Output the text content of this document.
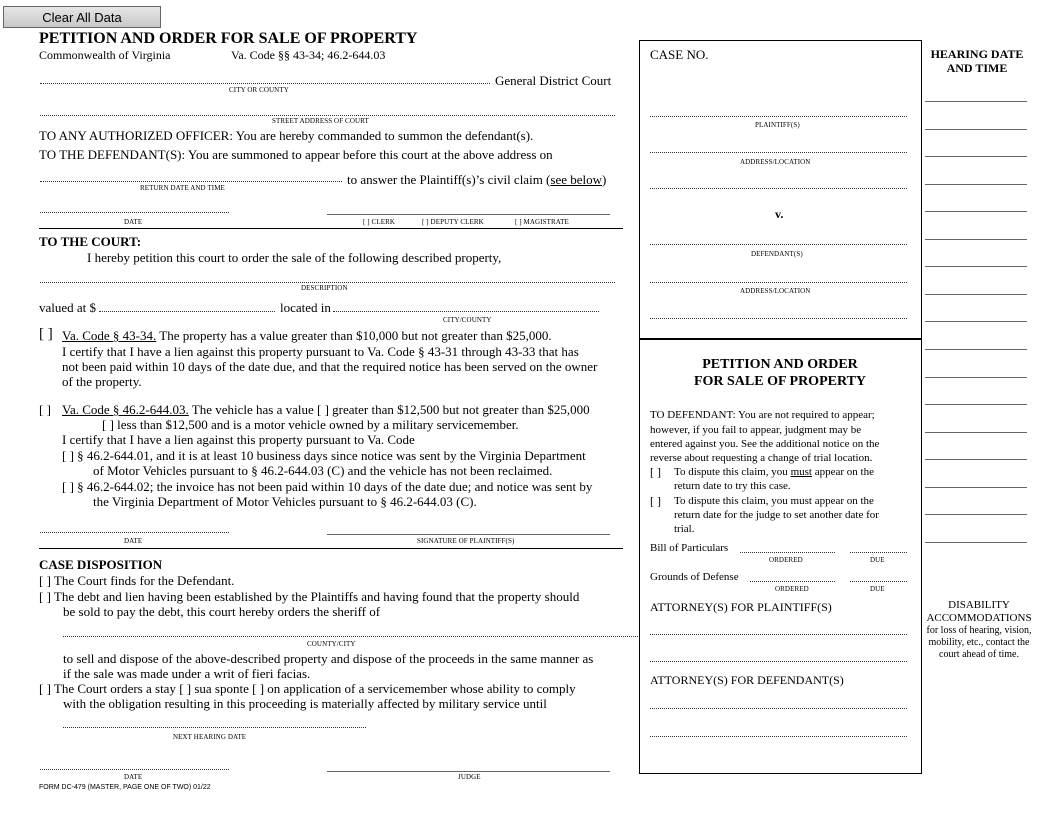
Clear All Data
PETITION AND ORDER FOR SALE OF PROPERTY
Commonwealth of Virginia	Va. Code §§ 43-34; 46.2-644.03
General District Court
CITY OR COUNTY
STREET ADDRESS OF COURT
TO ANY AUTHORIZED OFFICER: You are hereby commanded to summon the defendant(s).
TO THE DEFENDANT(S): You are summoned to appear before this court at the above address on
to answer the Plaintiff(s)’s civil claim (see below)
RETURN DATE AND TIME
DATE	[ ] CLERK	[ ] DEPUTY CLERK	[ ] MAGISTRATE
TO THE COURT:
I hereby petition this court to order the sale of the following described property,
DESCRIPTION
valued at $	located in
CITY/COUNTY
[ ] Va. Code § 43-34. The property has a value greater than $10,000 but not greater than $25,000.
I certify that I have a lien against this property pursuant to Va. Code § 43-31 through 43-33 that has
not been paid within 10 days of the date due, and that the required notice has been served on the owner
of the property.
[ ] Va. Code § 46.2-644.03. The vehicle has a value [ ] greater than $12,500 but not greater than $25,000
[ ] less than $12,500 and is a motor vehicle owned by a military servicemember.
I certify that I have a lien against this property pursuant to Va. Code
[ ] § 46.2-644.01, and it is at least 10 business days since notice was sent by the Virginia Department
of Motor Vehicles pursuant to § 46.2-644.03 (C) and the vehicle has not been reclaimed.
[ ] § 46.2-644.02; the invoice has not been paid within 10 days of the date due; and notice was sent by
the Virginia Department of Motor Vehicles pursuant to § 46.2-644.03 (C).
DATE	SIGNATURE OF PLAINTIFF(S)
CASE DISPOSITION
[ ] The Court finds for the Defendant.
[ ] The debt and lien having been established by the Plaintiffs and having found that the property should
be sold to pay the debt, this court hereby orders the sheriff of
COUNTY/CITY
to sell and dispose of the above-described property and dispose of the proceeds in the same manner as
if the sale was made under a writ of fieri facias.
[ ] The Court orders a stay [ ] sua sponte [ ] on application of a servicemember whose ability to comply
with the obligation resulting in this proceeding is materially affected by military service until
NEXT HEARING DATE
DATE	JUDGE
FORM DC-479 (MASTER, PAGE ONE OF TWO) 01/22
CASE NO.
PLAINTIFF(S)
ADDRESS/LOCATION
v.
DEFENDANT(S)
ADDRESS/LOCATION
PETITION AND ORDER
FOR SALE OF PROPERTY
TO DEFENDANT: You are not required to appear;
however, if you fail to appear, judgment may be
entered against you. See the additional notice on the
reverse about requesting a change of trial location.
[ ] To dispute this claim, you must appear on the
return date to try this case.
[ ] To dispute this claim, you must appear on the
return date for the judge to set another date for
trial.
Bill of Particulars
ORDERED	DUE
Grounds of Defense
ORDERED	DUE
ATTORNEY(S) FOR PLAINTIFF(S)
ATTORNEY(S) FOR DEFENDANT(S)
HEARING DATE
AND TIME
DISABILITY
ACCOMMODATIONS
for loss of hearing, vision,
mobility, etc., contact the
court ahead of time.
